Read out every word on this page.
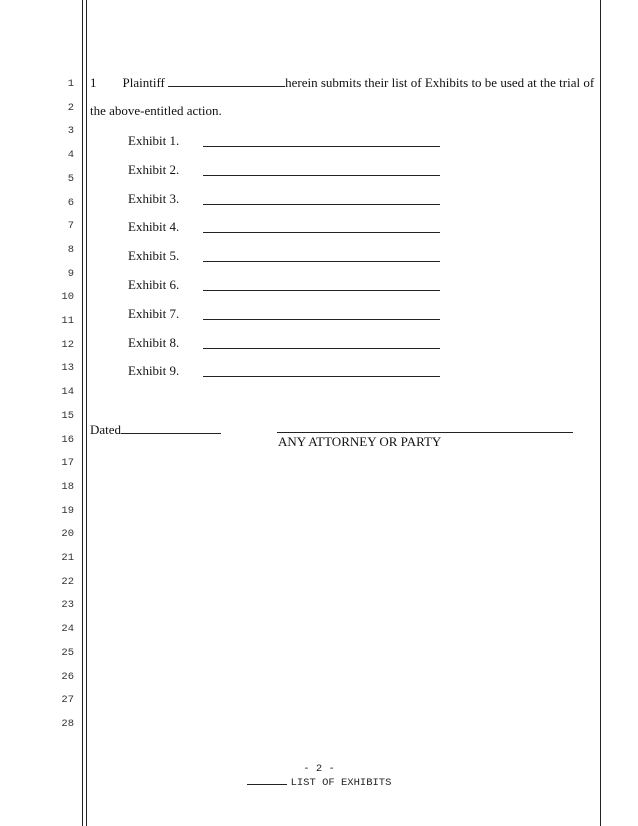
1
2
3
4
5
6
7
8
9
10
11
12
13
14
15
16
17
18
19
20
21
22
23
24
25
26
27
28
1 Plaintiff	herein submits their list of Exhibits to be used at the trial of
the above-entitled action.
Exhibit 1.
Exhibit 2.
Exhibit 3.
Exhibit 4.
Exhibit 5.
Exhibit 6.
Exhibit 7.
Exhibit 8.
Exhibit 9.
Dated
ANY ATTORNEY OR PARTY
- 2 -
LIST OF EXHIBITS
